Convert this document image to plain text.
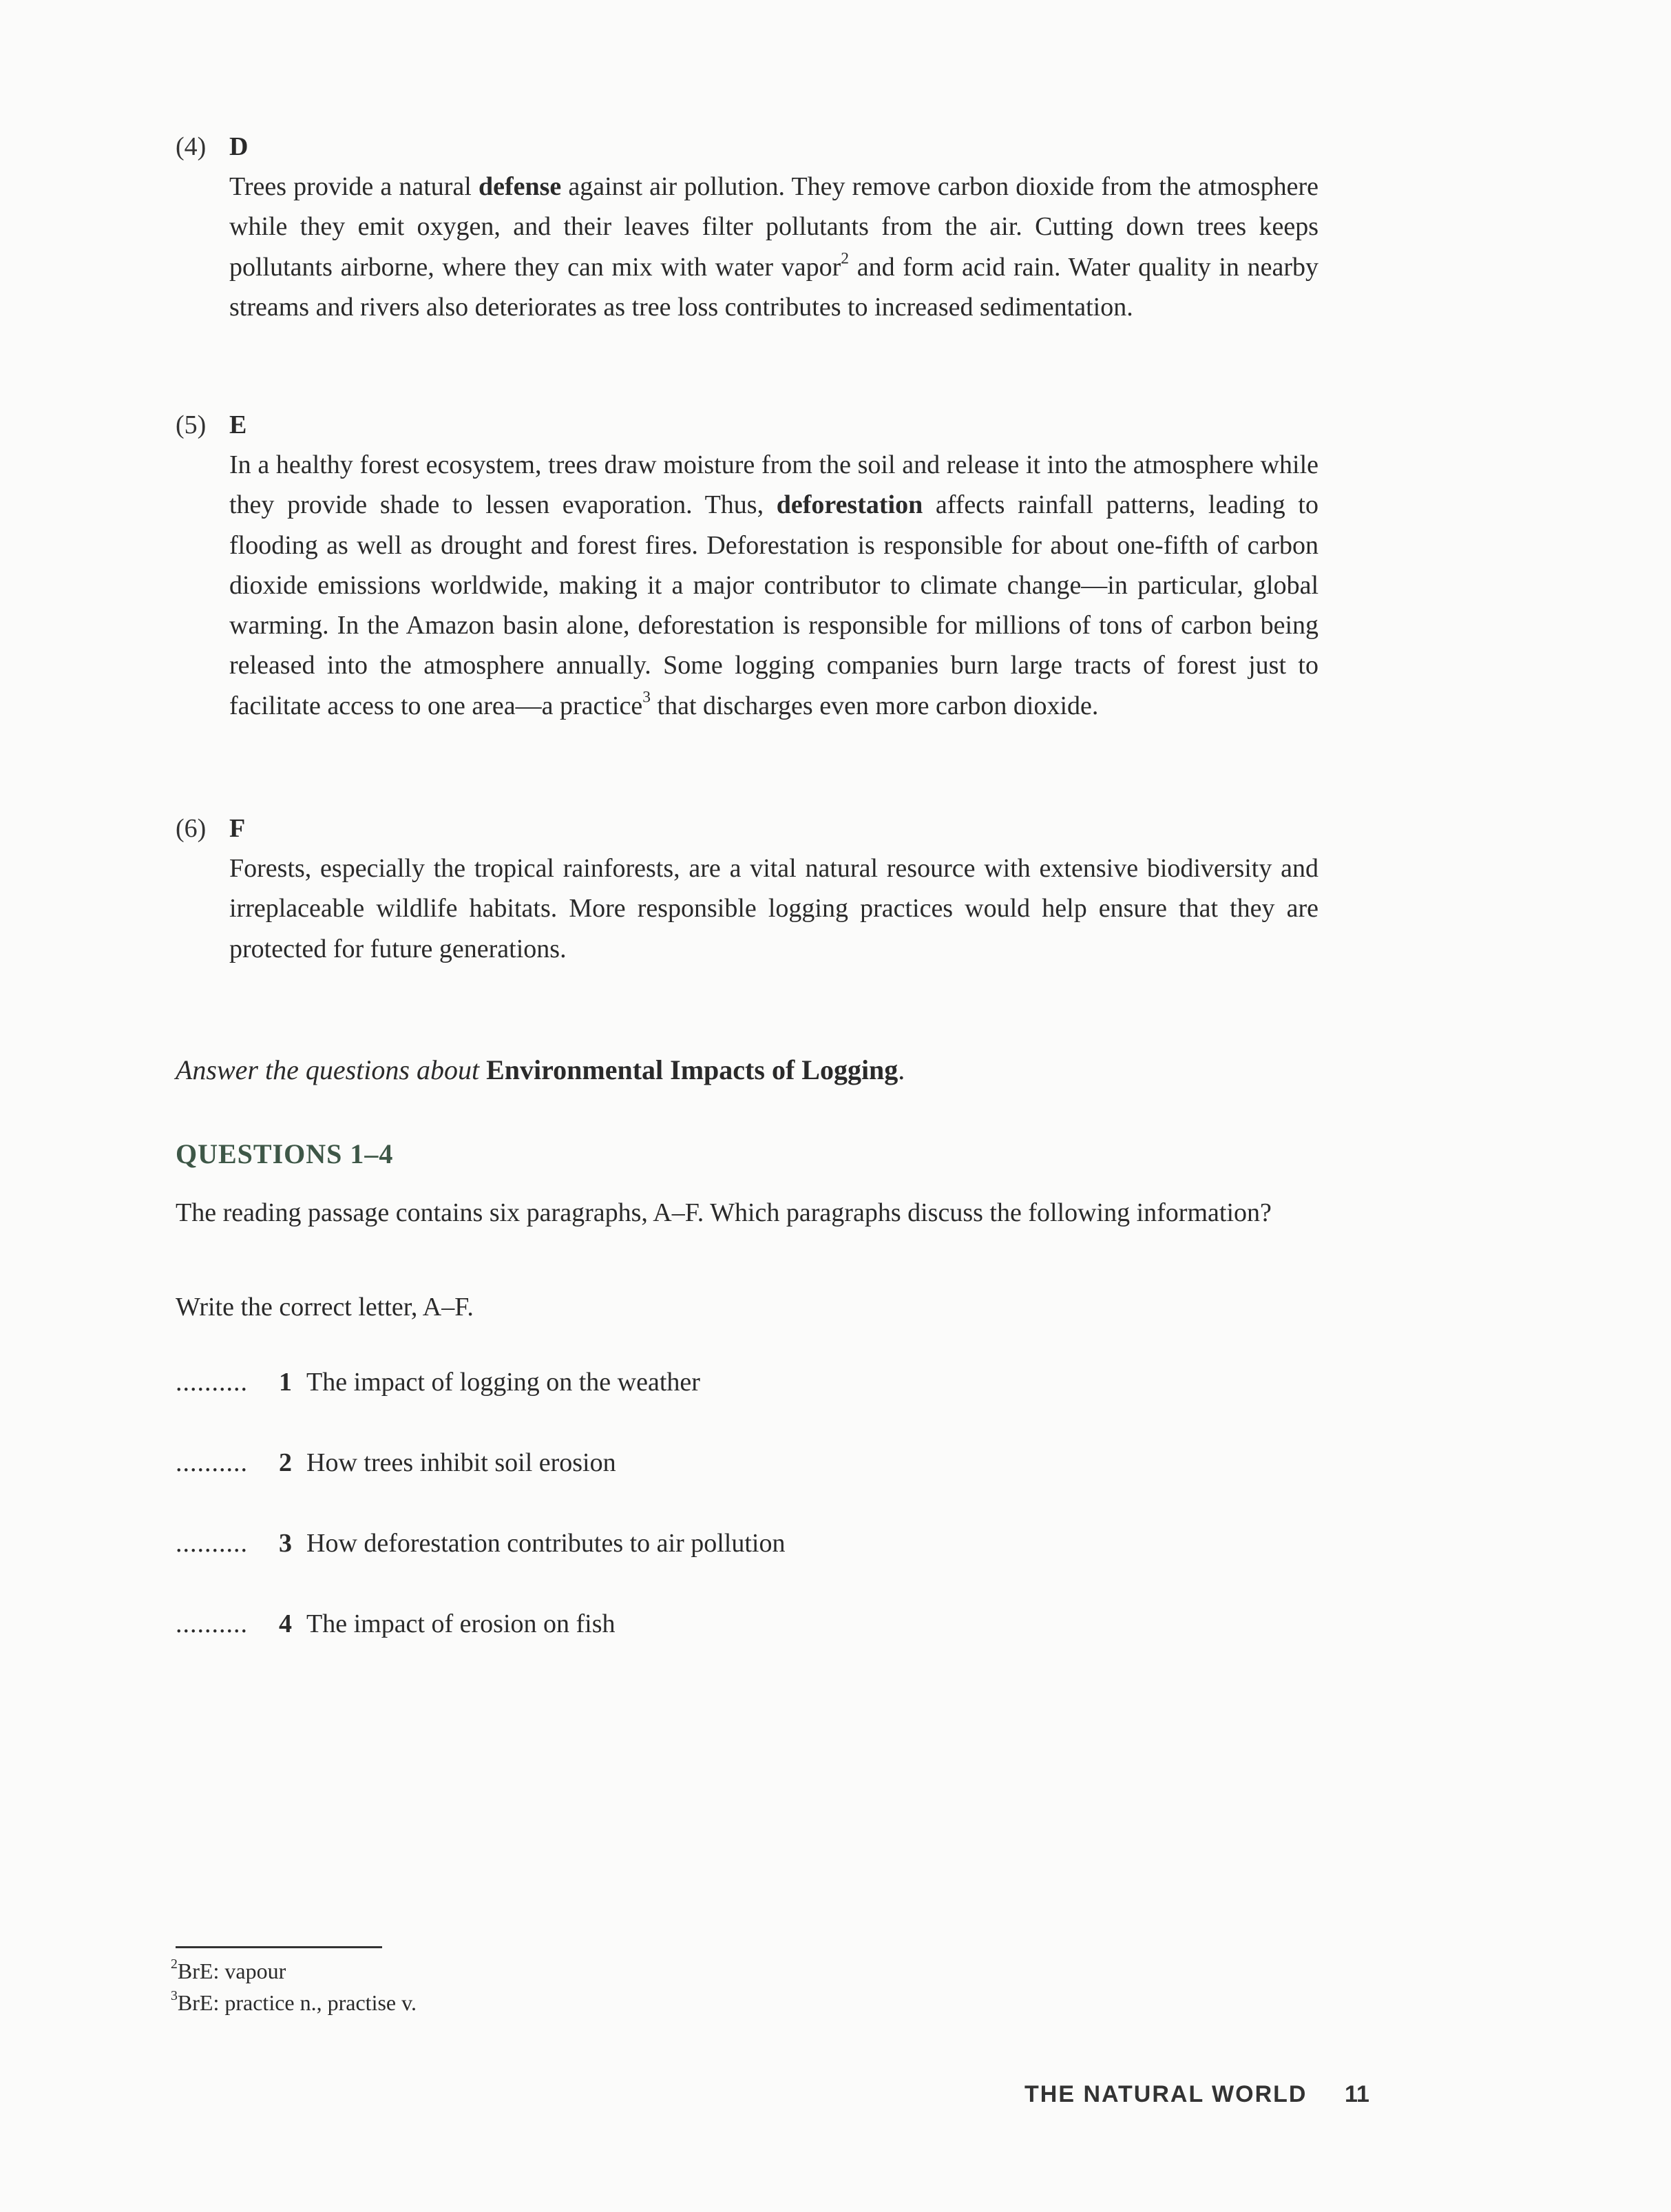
(4) D
Trees provide a natural defense against air pollution. They remove carbon dioxide from the atmosphere while they emit oxygen, and their leaves filter pollutants from the air. Cutting down trees keeps pollutants airborne, where they can mix with water vapor$^2$ and form acid rain. Water quality in nearby streams and rivers also deteriorates as tree loss contributes to increased sedimentation.
(5) E
In a healthy forest ecosystem, trees draw moisture from the soil and release it into the atmosphere while they provide shade to lessen evaporation. Thus, deforestation affects rainfall patterns, leading to flooding as well as drought and forest fires. Deforestation is responsible for about one-fifth of carbon dioxide emissions worldwide, making it a major contributor to climate change—in particular, global warming. In the Amazon basin alone, deforestation is responsible for millions of tons of carbon being released into the atmosphere annually. Some logging companies burn large tracts of forest just to facilitate access to one area—a practice$^3$ that discharges even more carbon dioxide.
(6) F
Forests, especially the tropical rainforests, are a vital natural resource with extensive biodiversity and irreplaceable wildlife habitats. More responsible logging practices would help ensure that they are protected for future generations.
Answer the questions about Environmental Impacts of Logging.
QUESTIONS 1–4
The reading passage contains six paragraphs, A–F. Which paragraphs discuss the following information?
Write the correct letter, A–F.
.......... 1 The impact of logging on the weather
.......... 2 How trees inhibit soil erosion
.......... 3 How deforestation contributes to air pollution
.......... 4 The impact of erosion on fish
$^2$BrE: vapour
$^3$BrE: practice n., practise v.
THE NATURAL WORLD 11
